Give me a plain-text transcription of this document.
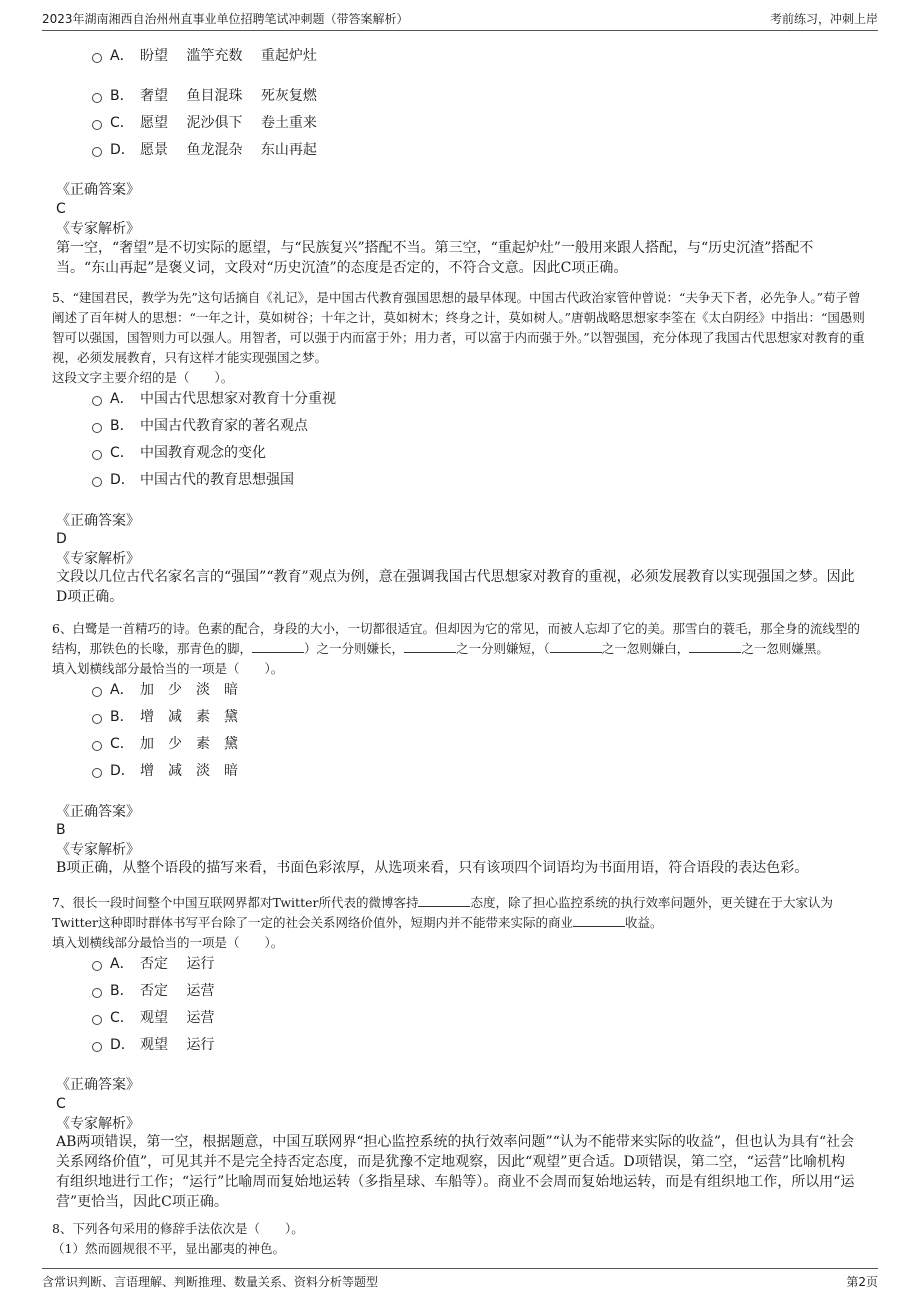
2023年湖南湘西自治州州直事业单位招聘笔试冲刺题（带答案解析）	考前练习，冲刺上岸
A． 盼望　 滥竽充数　 重起炉灶
B． 奢望　 鱼目混珠　 死灰复燃
C． 愿望　 泥沙俱下　 卷土重来
D． 愿景　 鱼龙混杂　 东山再起
《正确答案》
C
《专家解析》
第一空，“奢望”是不切实际的愿望，与“民族复兴”搭配不当。第三空，“重起炉灶”一般用来跟人搭配，与“历史沉渣”搭配不当。“东山再起”是褒义词，文段对“历史沉渣”的态度是否定的，不符合文意。因此C项正确。

5、“建国君民，教学为先”这句话摘自《礼记》，是中国古代教育强国思想的最早体现。中国古代政治家管仲曾说：“夫争天下者，必先争人。”荀子曾阐述了百年树人的思想：“一年之计，莫如树谷；十年之计，莫如树木；终身之计，莫如树人。”唐朝战略思想家李筌在《太白阴经》中指出：“国愚则智可以强国，国智则力可以强人。用智者，可以强于内而富于外；用力者，可以富于内而强于外。”以智强国，充分体现了我国古代思想家对教育的重视，必须发展教育，只有这样才能实现强国之梦。

这段文字主要介绍的是（　　）。

A． 中国古代思想家对教育十分重视
B． 中国古代教育家的著名观点
C． 中国教育观念的变化
D． 中国古代的教育思想强国
《正确答案》
D
《专家解析》
文段以几位古代名家名言的“强国”“教育”观点为例，意在强调我国古代思想家对教育的重视，必须发展教育以实现强国之梦。因此D项正确。

6、白鹭是一首精巧的诗。色素的配合，身段的大小，一切都很适宜。但却因为它的常见，而被人忘却了它的美。那雪白的蓑毛，那全身的流线型的结构，那铁色的长喙，那青色的脚，	）之一分则嫌长，	之一分则嫌短，（	之一忽则嫌白，	之一忽则嫌黑。

填入划横线部分最恰当的一项是（　　）。

A． 加　少　淡　暗
B． 增　减　素　黛
C． 加　少　素　黛
D． 增　减　淡　暗
《正确答案》
B
《专家解析》
B项正确，从整个语段的描写来看，书面色彩浓厚，从选项来看，只有该项四个词语均为书面用语，符合语段的表达色彩。

7、很长一段时间整个中国互联网界都对Twitter所代表的微博客持	态度，除了担心监控系统的执行效率问题外，更关键在于大家认为Twitter这种即时群体书写平台除了一定的社会关系网络价值外，短期内并不能带来实际的商业	收益。

填入划横线部分最恰当的一项是（　　）。

A． 否定　 运行
B． 否定　 运营
C． 观望　 运营
D． 观望　 运行
《正确答案》
C
《专家解析》
AB两项错误，第一空，根据题意，中国互联网界“担心监控系统的执行效率问题”“认为不能带来实际的收益”，但也认为具有“社会关系网络价值”，可见其并不是完全持否定态度，而是犹豫不定地观察，因此“观望”更合适。D项错误，第二空，“运营”比喻机构有组织地进行工作；“运行”比喻周而复始地运转（多指星球、车船等）。商业不会周而复始地运转，而是有组织地工作，所以用“运营”更恰当，因此C项正确。

8、下列各句采用的修辞手法依次是（　　）。

（1）然而圆规很不平，显出鄙夷的神色。

含常识判断、言语理解、判断推理、数量关系、资料分析等题型	第2页
